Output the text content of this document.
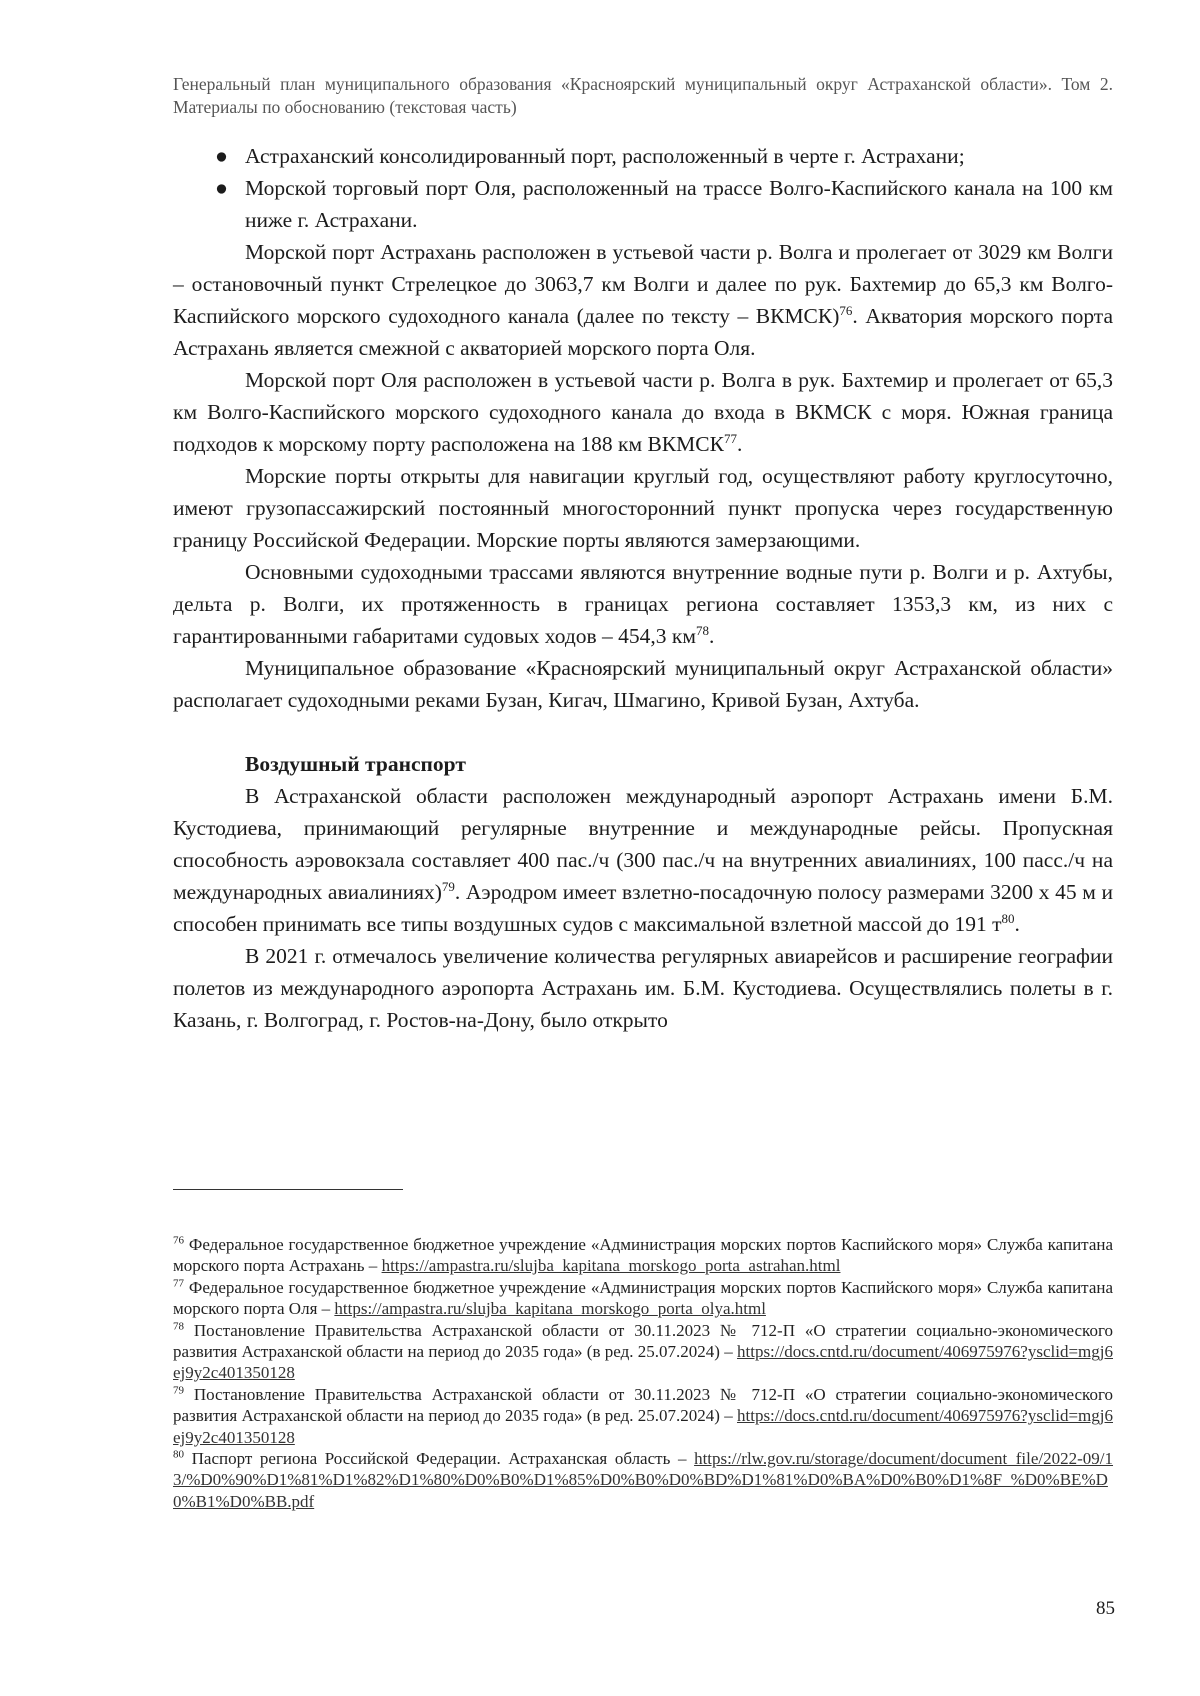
Генеральный план муниципального образования «Красноярский муниципальный округ Астраханской области». Том 2. Материалы по обоснованию (текстовая часть)
● Астраханский консолидированный порт, расположенный в черте г. Астрахани;
● Морской торговый порт Оля, расположенный на трассе Волго-Каспийского канала на 100 км ниже г. Астрахани.

Морской порт Астрахань расположен в устьевой части р. Волга и пролегает от 3029 км Волги – остановочный пункт Стрелецкое до 3063,7 км Волги и далее по рук. Бахтемир до 65,3 км Волго-Каспийского морского судоходного канала (далее по тексту – ВКМСК)$^{76}$. Акватория морского порта Астрахань является смежной с акваторией морского порта Оля.

Морской порт Оля расположен в устьевой части р. Волга в рук. Бахтемир и пролегает от 65,3 км Волго-Каспийского морского судоходного канала до входа в ВКМСК с моря. Южная граница подходов к морскому порту расположена на 188 км ВКМСК$^{77}$.

Морские порты открыты для навигации круглый год, осуществляют работу круглосуточно, имеют грузопассажирский постоянный многосторонний пункт пропуска через государственную границу Российской Федерации. Морские порты являются замерзающими.

Основными судоходными трассами являются внутренние водные пути р. Волги и р. Ахтубы, дельта р. Волги, их протяженность в границах региона составляет 1353,3 км, из них с гарантированными габаритами судовых ходов – 454,3 $км^{78}$.

Муниципальное образование «Красноярский муниципальный округ Астраханской области» располагает судоходными реками Бузан, Кигач, Шмагино, Кривой Бузан, Ахтуба.

Воздушный транспорт

В Астраханской области расположен международный аэропорт Астрахань имени Б.М. Кустодиева, принимающий регулярные внутренние и международные рейсы. Пропускная способность аэровокзала составляет 400 пас./ч (300 пас./ч на внутренних авиалиниях, 100 пасс./ч на международных авиалиниях)$^{79}$. Аэродром имеет взлетно-посадочную полосу размерами 3200 х 45 м и способен принимать все типы воздушных судов с максимальной взлетной массой до 191 $т^{80}$.

В 2021 г. отмечалось увеличение количества регулярных авиарейсов и расширение географии полетов из международного аэропорта Астрахань им. Б.М. Кустодиева. Осуществлялись полеты в г. Казань, г. Волгоград, г. Ростов-на-Дону, было открыто

$^{76}$ Федеральное государственное бюджетное учреждение «Администрация морских портов Каспийского моря» Служба капитана морского порта Астрахань – https://ampastra.ru/slujba_kapitana_morskogo_porta_astrahan.html

$^{77}$ Федеральное государственное бюджетное учреждение «Администрация морских портов Каспийского моря» Служба капитана морского порта Оля – https://ampastra.ru/slujba_kapitana_morskogo_porta_olya.html

$^{78}$ Постановление Правительства Астраханской области от 30.11.2023 № 712-П «О стратегии социально-экономического развития Астраханской области на период до 2035 года» (в ред. 25.07.2024) – https://docs.cntd.ru/document/406975976?ysclid=mgj6ej9y2c401350128

$^{79}$ Постановление Правительства Астраханской области от 30.11.2023 № 712-П «О стратегии социально-экономического развития Астраханской области на период до 2035 года» (в ред. 25.07.2024) – https://docs.cntd.ru/document/406975976?ysclid=mgj6ej9y2c401350128

$^{80}$ Паспорт региона Российской Федерации. Астраханская область – https://rlw.gov.ru/storage/document/document_file/2022-09/13/%D0%90%D1%81%D1%82%D1%80%D0%B0%D1%85%D0%B0%D0%BD%D1%81%D0%BA%D0%B0%D1%8F_%D0%BE%D0%B1%D0%BB.pdf

85
